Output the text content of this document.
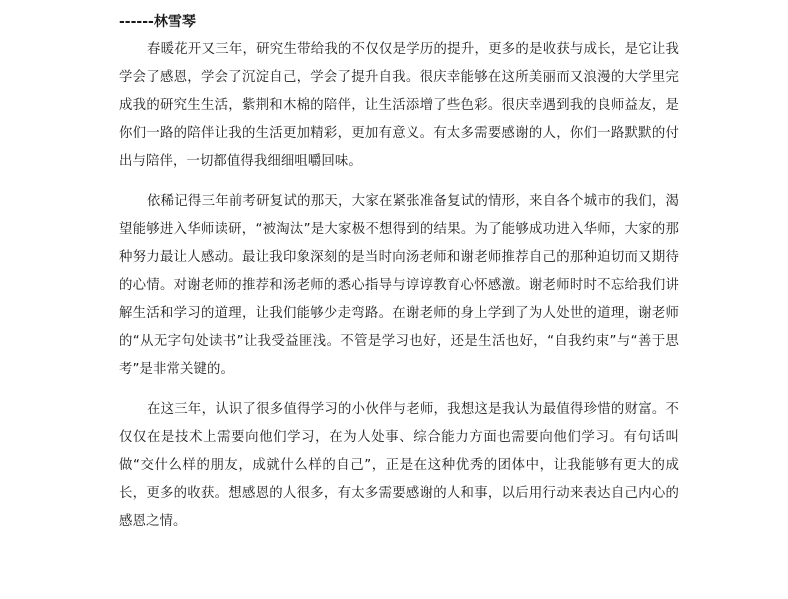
------林雪琴

春暖花开又三年，研究生带给我的不仅仅是学历的提升，更多的是收获与成长，是它让我学会了感恩，学会了沉淀自己，学会了提升自我。很庆幸能够在这所美丽而又浪漫的大学里完成我的研究生生活，紫荆和木棉的陪伴，让生活添增了些色彩。很庆幸遇到我的良师益友，是你们一路的陪伴让我的生活更加精彩，更加有意义。有太多需要感谢的人，你们一路默默的付出与陪伴，一切都值得我细细咀嚼回味。

依稀记得三年前考研复试的那天，大家在紧张准备复试的情形，来自各个城市的我们，渴望能够进入华师读研，“被淘汰”是大家极不想得到的结果。为了能够成功进入华师，大家的那种努力最让人感动。最让我印象深刻的是当时向汤老师和谢老师推荐自己的那种迫切而又期待的心情。对谢老师的推荐和汤老师的悉心指导与谆谆教育心怀感激。谢老师时时不忘给我们讲解生活和学习的道理，让我们能够少走弯路。在谢老师的身上学到了为人处世的道理，谢老师的“从无字句处读书”让我受益匪浅。不管是学习也好，还是生活也好，“自我约束”与“善于思考”是非常关键的。

在这三年，认识了很多值得学习的小伙伴与老师，我想这是我认为最值得珍惜的财富。不仅仅在是技术上需要向他们学习，在为人处事、综合能力方面也需要向他们学习。有句话叫做“交什么样的朋友，成就什么样的自己”，正是在这种优秀的团体中，让我能够有更大的成长，更多的收获。想感恩的人很多，有太多需要感谢的人和事，以后用行动来表达自己内心的感恩之情。
